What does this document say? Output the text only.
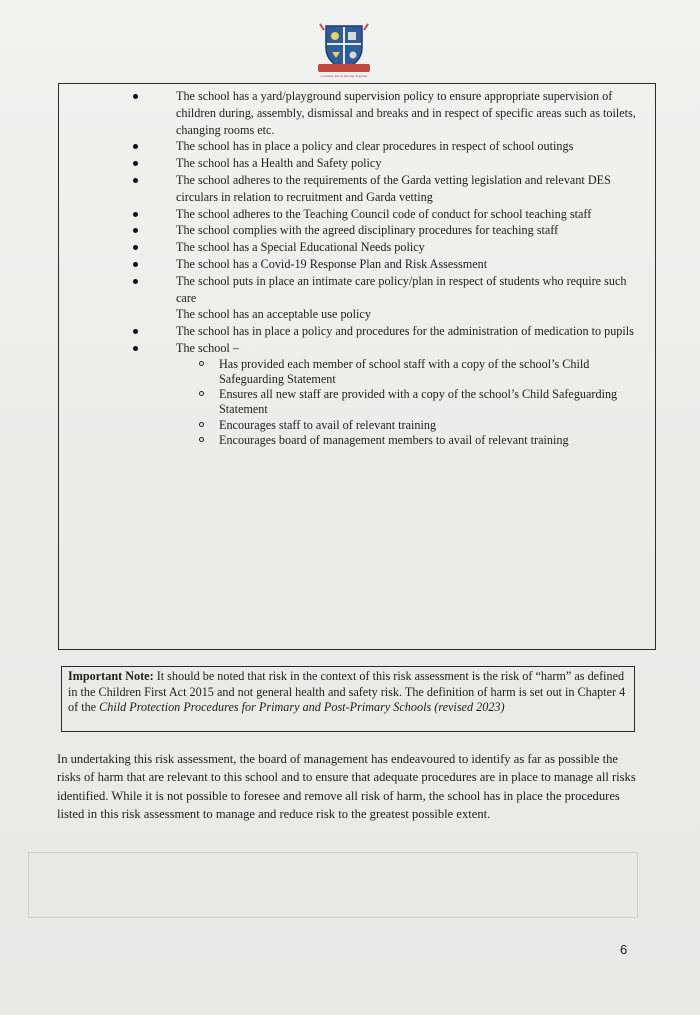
Learning and Achieving Together
The school has a yard/playground supervision policy to ensure appropriate supervision of children during, assembly, dismissal and breaks and in respect of specific areas such as toilets, changing rooms etc.
The school has in place a policy and clear procedures in respect of school outings
The school has a Health and Safety policy
The school adheres to the requirements of the Garda vetting legislation and relevant DES circulars in relation to recruitment and Garda vetting
The school adheres to the Teaching Council code of conduct for school teaching staff
The school complies with the agreed disciplinary procedures for teaching staff
The school has a Special Educational Needs policy
The school has a Covid-19 Response Plan and Risk Assessment
The school puts in place an intimate care policy/plan in respect of students who require such care
The school has an acceptable use policy
The school has in place a policy and procedures for the administration of medication to pupils
The school –
Has provided each member of school staff with a copy of the school’s Child Safeguarding Statement
Ensures all new staff are provided with a copy of the school’s Child Safeguarding Statement
Encourages staff to avail of relevant training
Encourages board of management members to avail of relevant training
Important Note: It should be noted that risk in the context of this risk assessment is the risk of “harm” as defined in the Children First Act 2015 and not general health and safety risk. The definition of harm is set out in Chapter 4 of the Child Protection Procedures for Primary and Post-Primary Schools (revised 2023)
In undertaking this risk assessment, the board of management has endeavoured to identify as far as possible the risks of harm that are relevant to this school and to ensure that adequate procedures are in place to manage all risks identified. While it is not possible to foresee and remove all risk of harm, the school has in place the procedures listed in this risk assessment to manage and reduce risk to the greatest possible extent.
6
